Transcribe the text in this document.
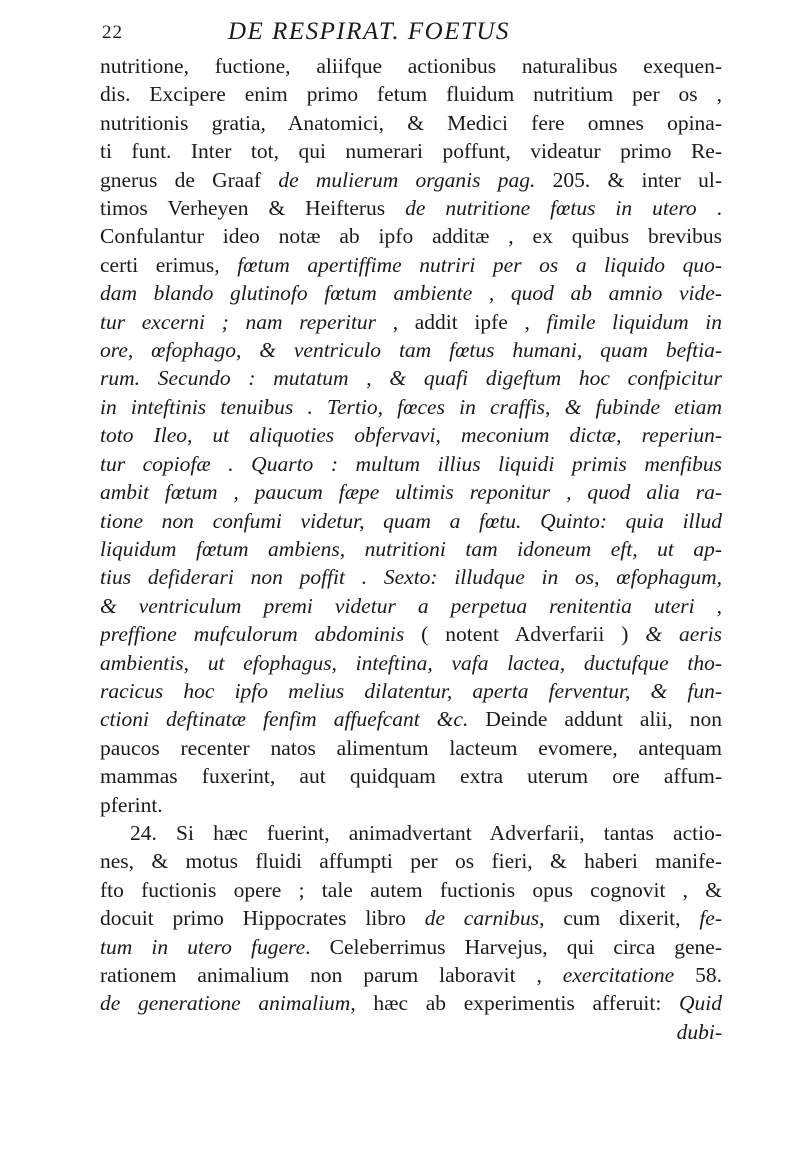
22	DE RESPIRAT. FOETUS
nutritione, fuctione, aliifque actionibus naturalibus exequen-
dis. Excipere enim primo fetum fluidum nutritium per os ,
nutritionis gratia, Anatomici, & Medici fere omnes opina-
ti funt. Inter tot, qui numerari poffunt, videatur primo Re-
gnerus de Graaf de mulierum organis pag. 205. & inter ul-
timos Verheyen & Heifterus de nutritione fœtus in utero .
Confulantur ideo notæ ab ipfo additæ , ex quibus brevibus
certi erimus, fœtum apertiffime nutriri per os a liquido quo-
dam blando glutinofo fœtum ambiente , quod ab amnio vide-
tur excerni ; nam reperitur , addit ipfe , fimile liquidum in
ore, œfophago, & ventriculo tam fœtus humani, quam beftia-
rum. Secundo : mutatum , & quafi digeftum hoc confpicitur
in inteftinis tenuibus . Tertio, fœces in craffis, & fubinde etiam
toto Ileo, ut aliquoties obfervavi, meconium dictæ, reperiun-
tur copiofæ . Quarto : multum illius liquidi primis menfibus
ambit fœtum , paucum fæpe ultimis reponitur , quod alia ra-
tione non confumi videtur, quam a fœtu. Quinto: quia illud
liquidum fœtum ambiens, nutritioni tam idoneum eft, ut ap-
tius defiderari non poffit . Sexto: illudque in os, œfophagum,
& ventriculum premi videtur a perpetua renitentia uteri ,
preffione mufculorum abdominis ( notent Adverfarii ) & aeris
ambientis, ut efophagus, inteftina, vafa lactea, ductufque tho-
racicus hoc ipfo melius dilatentur, aperta ferventur, & fun-
ctioni deftinatæ fenfim affuefcant &c. Deinde addunt alii, non
paucos recenter natos alimentum lacteum evomere, antequam
mammas fuxerint, aut quidquam extra uterum ore affum-
pferint.
24. Si hæc fuerint, animadvertant Adverfarii, tantas actio-
nes, & motus fluidi affumpti per os fieri, & haberi manife-
fto fuctionis opere ; tale autem fuctionis opus cognovit , &
docuit primo Hippocrates libro de carnibus, cum dixerit, fe-
tum in utero fugere. Celeberrimus Harvejus, qui circa gene-
rationem animalium non parum laboravit , exercitatione 58.
de generatione animalium, hæc ab experimentis afferuit: Quid
dubi-
